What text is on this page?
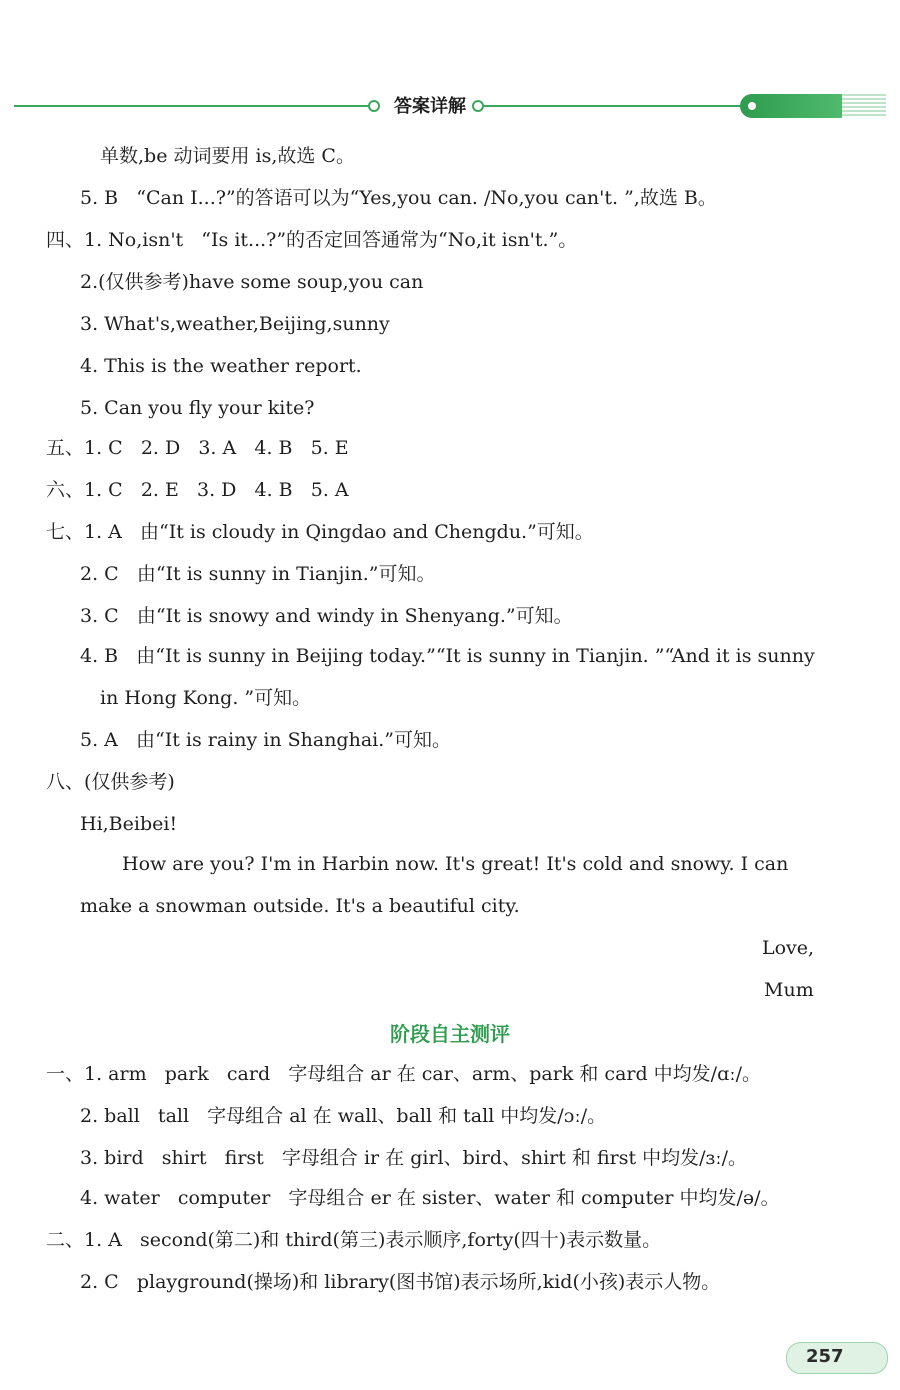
答案详解
单数,be 动词要用 is,故选 C。
5. B   “Can I...?”的答语可以为“Yes,you can. /No,you can't. ”,故选 B。
四、1. No,isn't   “Is it...?”的否定回答通常为“No,it isn't.”。
2.(仅供参考)have some soup,you can
3. What's,weather,Beijing,sunny
4. This is the weather report.
5. Can you fly your kite?
五、1. C   2. D   3. A   4. B   5. E
六、1. C   2. E   3. D   4. B   5. A
七、1. A   由“It is cloudy in Qingdao and Chengdu.”可知。
2. C   由“It is sunny in Tianjin.”可知。
3. C   由“It is snowy and windy in Shenyang.”可知。
4. B   由“It is sunny in Beijing today.”“It is sunny in Tianjin. ”“And it is sunny
in Hong Kong. ”可知。
5. A   由“It is rainy in Shanghai.”可知。
八、(仅供参考)
Hi,Beibei!
How are you? I'm in Harbin now. It's great! It's cold and snowy. I can
make a snowman outside. It's a beautiful city.
Love,
Mum
阶段自主测评
一、1. arm   park   card   字母组合 ar 在 car、arm、park 和 card 中均发/ɑː/。
2. ball   tall   字母组合 al 在 wall、ball 和 tall 中均发/ɔː/。
3. bird   shirt   first   字母组合 ir 在 girl、bird、shirt 和 first 中均发/ɜː/。
4. water   computer   字母组合 er 在 sister、water 和 computer 中均发/ə/。
二、1. A   second(第二)和 third(第三)表示顺序,forty(四十)表示数量。
2. C   playground(操场)和 library(图书馆)表示场所,kid(小孩)表示人物。
257
